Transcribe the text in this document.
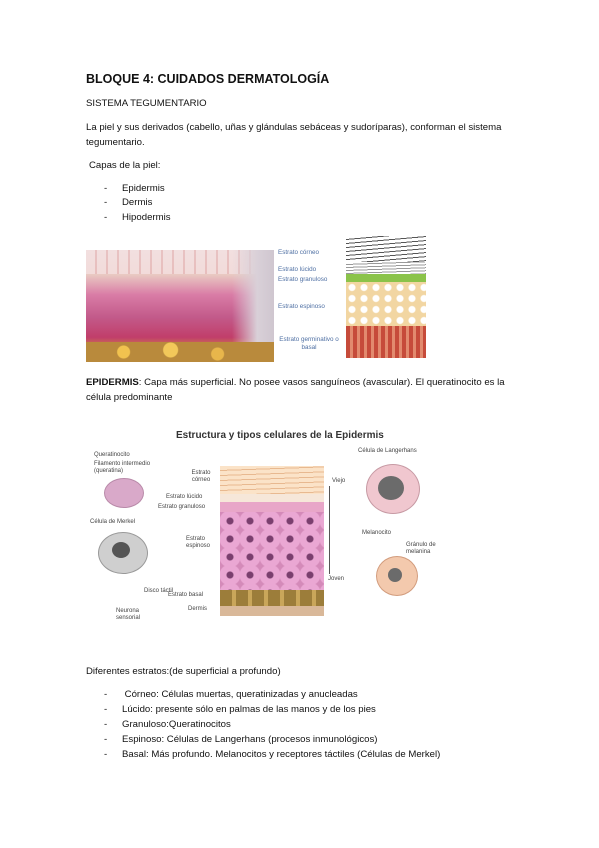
BLOQUE 4: CUIDADOS DERMATOLOGÍA
SISTEMA TEGUMENTARIO
La piel y sus derivados (cabello, uñas y glándulas sebáceas y sudoríparas), conforman el sistema tegumentario.
Capas de la piel:
- Epidermis
- Dermis
- Hipodermis
Estrato córneo
Estrato lúcido
Estrato granuloso
Estrato espinoso
Estrato germinativo o basal
EPIDERMIS: Capa más superficial. No posee vasos sanguíneos (avascular). El queratinocito es la célula predominante
Estructura y tipos celulares de la Epidermis
Queratinocito
Filamento intermedio (queratina)
Célula de Merkel
Disco táctil
Neurona sensorial
Estrato córneo
Estrato lúcido
Estrato granuloso
Estrato espinoso
Estrato basal
Dermis
Viejo
Joven
Célula de Langerhans
Melanocito
Gránulo de melanina
Diferentes estratos:(de superficial a profundo)
- Córneo: Células muertas, queratinizadas y anucleadas
- Lúcido: presente sólo en palmas de las manos y de los pies
- Granuloso:Queratinocitos
- Espinoso: Células de Langerhans (procesos inmunológicos)
- Basal: Más profundo. Melanocitos y receptores táctiles (Células de Merkel)
